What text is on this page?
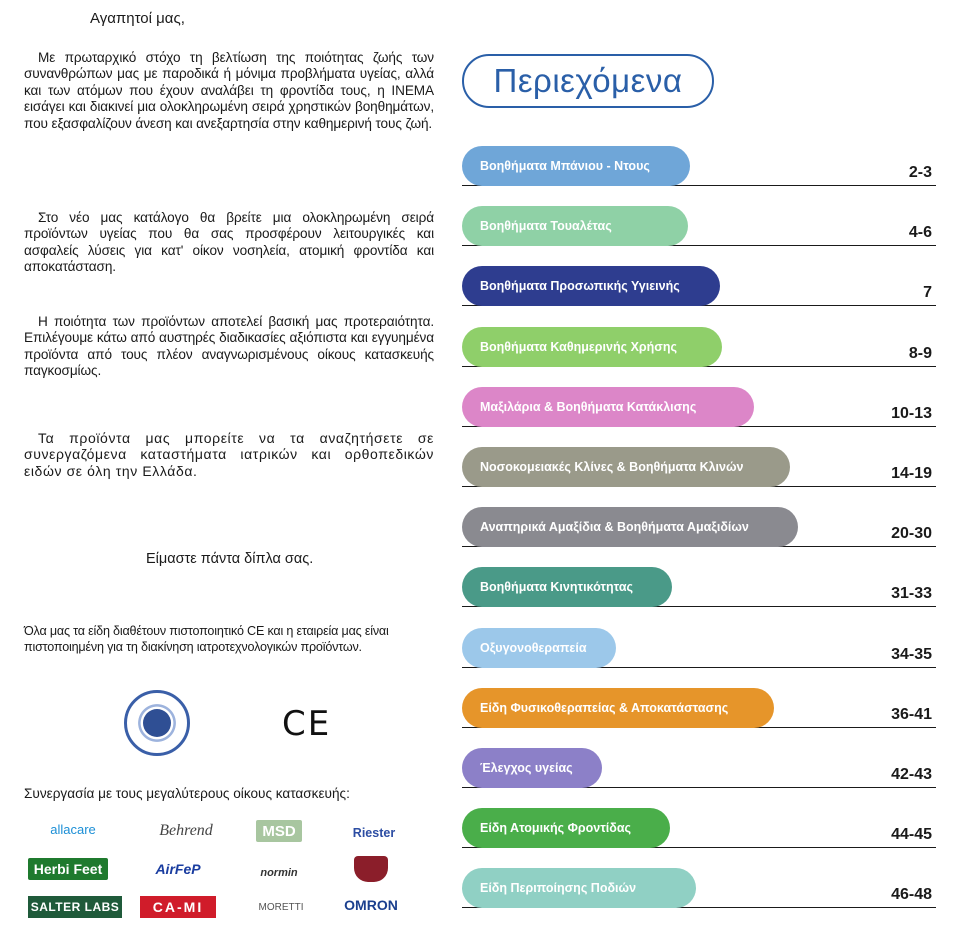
Αγαπητοί μας,
Με πρωταρχικό στόχο τη βελτίωση της ποιότητας ζωής των συνανθρώπων μας με παροδικά ή μόνιμα προβλήματα υγείας, αλλά και των ατόμων που έχουν αναλάβει τη φροντίδα τους, η INEMA εισάγει και διακινεί μια ολοκληρωμένη σειρά χρηστικών βοηθημάτων, που εξασφαλίζουν άνεση και ανεξαρτησία στην καθημερινή τους ζωή.
Στο νέο μας κατάλογο θα βρείτε μια ολοκληρωμένη σειρά προϊόντων υγείας που θα σας προσφέρουν λειτουργικές και ασφαλείς λύσεις για κατ' οίκον νοσηλεία, ατομική φροντίδα και αποκατάσταση.
Η ποιότητα των προϊόντων αποτελεί βασική μας προτεραιότητα. Επιλέγουμε κάτω από αυστηρές διαδικασίες αξιόπιστα και εγγυημένα προϊόντα από τους πλέον αναγνωρισμένους οίκους κατασκευής παγκοσμίως.
Τα προϊόντα μας μπορείτε να τα αναζητήσετε σε συνεργαζόμενα καταστήματα ιατρικών και ορθοπεδικών ειδών σε όλη την Ελλάδα.
Είμαστε πάντα δίπλα σας.
Όλα μας τα είδη διαθέτουν πιστοποιητικό CE και η εταιρεία μας είναι πιστοποιημένη για τη διακίνηση ιατροτεχνολογικών προϊόντων.
CE
Συνεργασία με τους μεγαλύτερους οίκους κατασκευής:
allacare	Behrend	MSD	Riester
Herbi Feet	AirFeP	normin
SALTER LABS	CA-MI	MORETTI	OMRON
Περιεχόμενα
Βοηθήματα Μπάνιου - Ντους	2-3
Βοηθήματα Τουαλέτας	4-6
Βοηθήματα Προσωπικής Υγιεινής	7
Βοηθήματα Καθημερινής Χρήσης	8-9
Μαξιλάρια & Βοηθήματα Κατάκλισης	10-13
Νοσοκομειακές Κλίνες & Βοηθήματα Κλινών	14-19
Αναπηρικά Αμαξίδια & Βοηθήματα Αμαξιδίων	20-30
Βοηθήματα Κινητικότητας	31-33
Οξυγονοθεραπεία	34-35
Είδη Φυσικοθεραπείας & Αποκατάστασης	36-41
Έλεγχος υγείας	42-43
Είδη Ατομικής Φροντίδας	44-45
Είδη Περιποίησης Ποδιών	46-48
